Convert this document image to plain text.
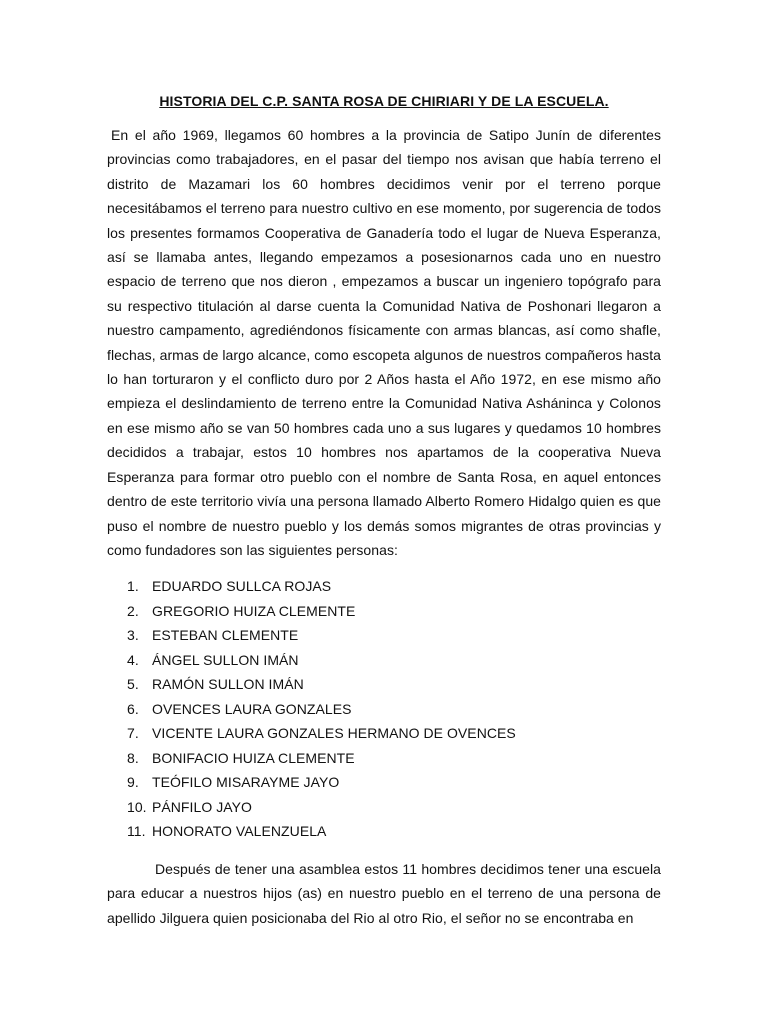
HISTORIA DEL C.P. SANTA ROSA DE CHIRIARI Y DE LA ESCUELA.

En el año 1969, llegamos 60 hombres a la provincia de Satipo Junín de diferentes provincias como trabajadores, en el pasar del tiempo nos avisan que había terreno el distrito de Mazamari los 60 hombres decidimos venir por el terreno porque necesitábamos el terreno para nuestro cultivo en ese momento, por sugerencia de todos los presentes formamos Cooperativa de Ganadería todo el lugar de Nueva Esperanza, así se llamaba antes, llegando empezamos a posesionarnos cada uno en nuestro espacio de terreno que nos dieron , empezamos a buscar un ingeniero topógrafo para su respectivo titulación al darse cuenta la Comunidad Nativa de Poshonari llegaron a nuestro campamento, agrediéndonos físicamente con armas blancas, así como shafle, flechas, armas de largo alcance, como escopeta algunos de nuestros compañeros hasta lo han torturaron y el conflicto duro por 2 Años hasta el Año 1972, en ese mismo año empieza el deslindamiento de terreno entre la Comunidad Nativa Asháninca y Colonos en ese mismo año se van 50 hombres cada uno a sus lugares y quedamos 10 hombres decididos a trabajar, estos 10 hombres nos apartamos de la cooperativa Nueva Esperanza para formar otro pueblo con el nombre de Santa Rosa, en aquel entonces dentro de este territorio vivía una persona llamado Alberto Romero Hidalgo quien es que puso el nombre de nuestro pueblo y los demás somos migrantes de otras provincias y como fundadores son las siguientes personas:

1. EDUARDO SULLCA ROJAS
2. GREGORIO HUIZA CLEMENTE
3. ESTEBAN CLEMENTE
4. ÁNGEL SULLON IMÁN
5. RAMÓN SULLON IMÁN
6. OVENCES LAURA GONZALES
7. VICENTE LAURA GONZALES HERMANO DE OVENCES
8. BONIFACIO HUIZA CLEMENTE
9. TEÓFILO MISARAYME JAYO
10. PÁNFILO JAYO
11. HONORATO VALENZUELA

Después de tener una asamblea estos 11 hombres decidimos tener una escuela para educar a nuestros hijos (as) en nuestro pueblo en el terreno de una persona de apellido Jilguera quien posicionaba del Rio al otro Rio, el señor no se encontraba en
